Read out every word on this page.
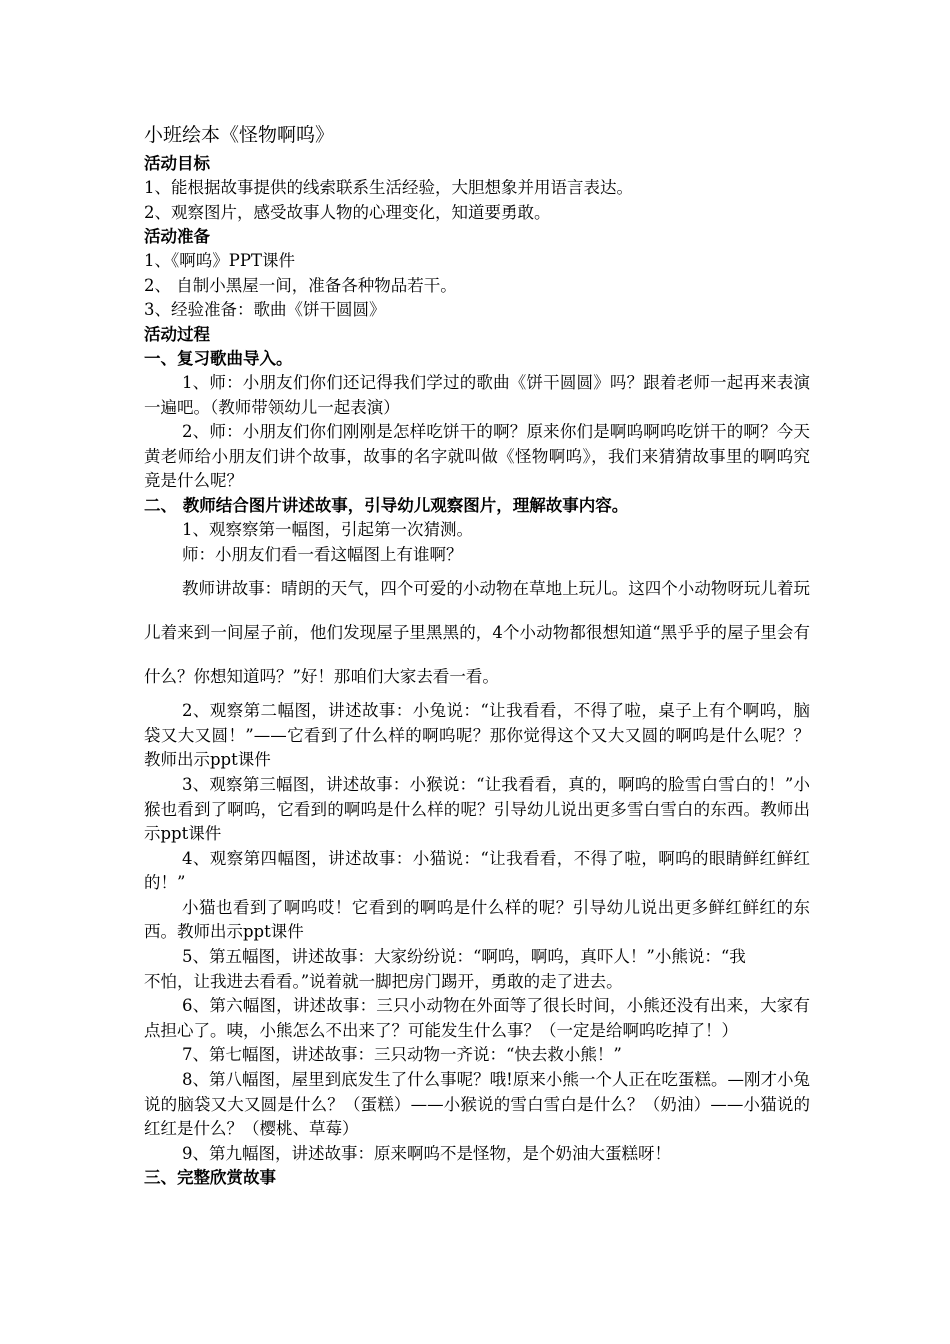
小班绘本《怪物啊呜》

活动目标

1、能根据故事提供的线索联系生活经验，大胆想象并用语言表达。

2、观察图片，感受故事人物的心理变化，知道要勇敢。

活动准备

1、《啊呜》PPT课件

2、 自制小黑屋一间，准备各种物品若干。

3、经验准备：歌曲《饼干圆圆》

活动过程

一、复习歌曲导入。

1、师：小朋友们你们还记得我们学过的歌曲《饼干圆圆》吗？跟着老师一起再来表演一遍吧。（教师带领幼儿一起表演）

2、师：小朋友们你们刚刚是怎样吃饼干的啊？原来你们是啊呜啊呜吃饼干的啊？今天黄老师给小朋友们讲个故事，故事的名字就叫做《怪物啊呜》，我们来猜猜故事里的啊呜究竟是什么呢？

二、 教师结合图片讲述故事，引导幼儿观察图片，理解故事内容。

1、观察察第一幅图，引起第一次猜测。

师：小朋友们看一看这幅图上有谁啊？

教师讲故事：晴朗的天气，四个可爱的小动物在草地上玩儿。这四个小动物呀玩儿着玩儿着来到一间屋子前，他们发现屋子里黑黑的，4个小动物都很想知道“黑乎乎的屋子里会有什么？你想知道吗？”好！那咱们大家去看一看。

2、观察第二幅图，讲述故事：小兔说：“让我看看，不得了啦，桌子上有个啊呜，脑袋又大又圆！”——它看到了什么样的啊呜呢？那你觉得这个又大又圆的啊呜是什么呢？？教师出示ppt课件

3、观察第三幅图，讲述故事：小猴说：“让我看看，真的，啊呜的脸雪白雪白的！”小猴也看到了啊呜，它看到的啊呜是什么样的呢？引导幼儿说出更多雪白雪白的东西。教师出示ppt课件

4、观察第四幅图，讲述故事：小猫说：“让我看看，不得了啦，啊呜的眼睛鲜红鲜红的！”

小猫也看到了啊呜哎！它看到的啊呜是什么样的呢？引导幼儿说出更多鲜红鲜红的东西。教师出示ppt课件

5、第五幅图，讲述故事：大家纷纷说：“啊呜，啊呜，真吓人！”小熊说：“我

不怕，让我进去看看。”说着就一脚把房门踢开，勇敢的走了进去。

6、第六幅图，讲述故事：三只小动物在外面等了很长时间，小熊还没有出来，大家有点担心了。咦，小熊怎么不出来了？可能发生什么事？（一定是给啊呜吃掉了！）

7、第七幅图，讲述故事：三只动物一齐说：“快去救小熊！”

8、第八幅图，屋里到底发生了什么事呢？哦!原来小熊一个人正在吃蛋糕。—刚才小兔说的脑袋又大又圆是什么？（蛋糕）——小猴说的雪白雪白是什么？（奶油）——小猫说的红红是什么？（樱桃、草莓）

9、第九幅图，讲述故事：原来啊呜不是怪物，是个奶油大蛋糕呀！

三、完整欣赏故事
